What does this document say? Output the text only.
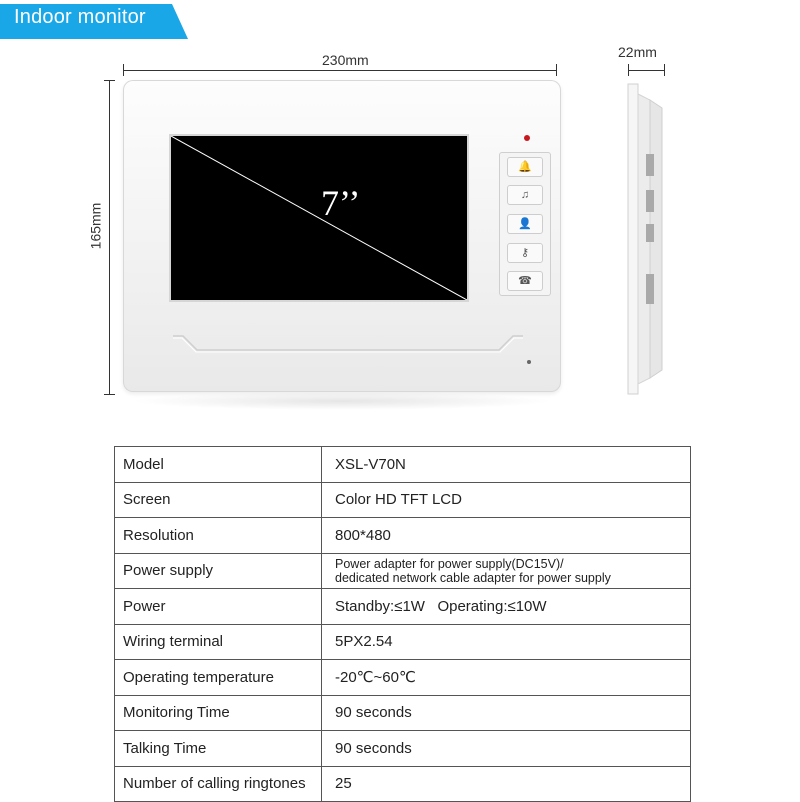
Indoor monitor
230mm
165mm
22mm
7’’
🔔
♫
👤
⚷
☎
Model	XSL-V70N
Screen	Color HD TFT LCD
Resolution	800*480
Power supply	Power adapter for power supply(DC15V)/
dedicated network cable adapter for power supply

Power	Standby:≤1W   Operating:≤10W
Wiring terminal	5PX2.54
Operating temperature	-20℃~60℃
Monitoring Time	90 seconds
Talking Time	90 seconds
Number of calling ringtones	25
